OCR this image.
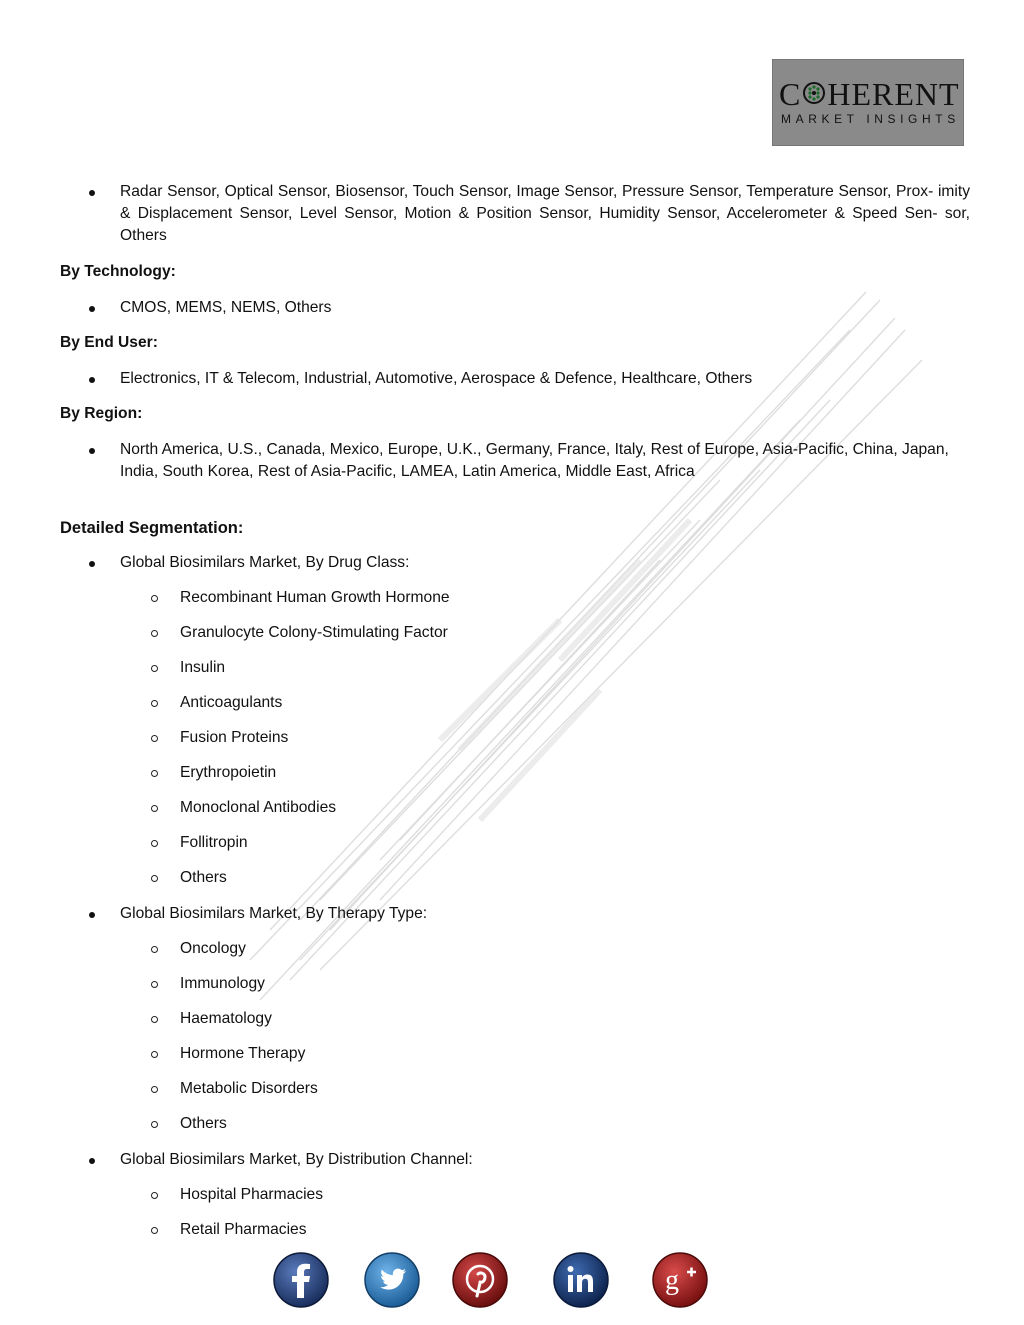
C HERENT
MARKET INSIGHTS
Radar Sensor, Optical Sensor, Biosensor, Touch Sensor, Image Sensor, Pressure Sensor, Temperature Sensor, Prox- imity & Displacement Sensor, Level Sensor, Motion & Position Sensor, Humidity Sensor, Accelerometer & Speed Sen- sor, Others
By Technology:
CMOS, MEMS, NEMS, Others
By End User:
Electronics, IT & Telecom, Industrial, Automotive, Aerospace & Defence, Healthcare, Others
By Region:
North America, U.S., Canada, Mexico, Europe, U.K., Germany, France, Italy, Rest of Europe, Asia-Pacific, China, Japan, India, South Korea, Rest of Asia-Pacific, LAMEA, Latin America, Middle East, Africa
Detailed Segmentation:
Global Biosimilars Market, By Drug Class:
Recombinant Human Growth Hormone
Granulocyte Colony-Stimulating Factor
Insulin
Anticoagulants
Fusion Proteins
Erythropoietin
Monoclonal Antibodies
Follitropin
Others
Global Biosimilars Market, By Therapy Type:
Oncology
Immunology
Haematology
Hormone Therapy
Metabolic Disorders
Others
Global Biosimilars Market, By Distribution Channel:
Hospital Pharmacies
Retail Pharmacies
g
